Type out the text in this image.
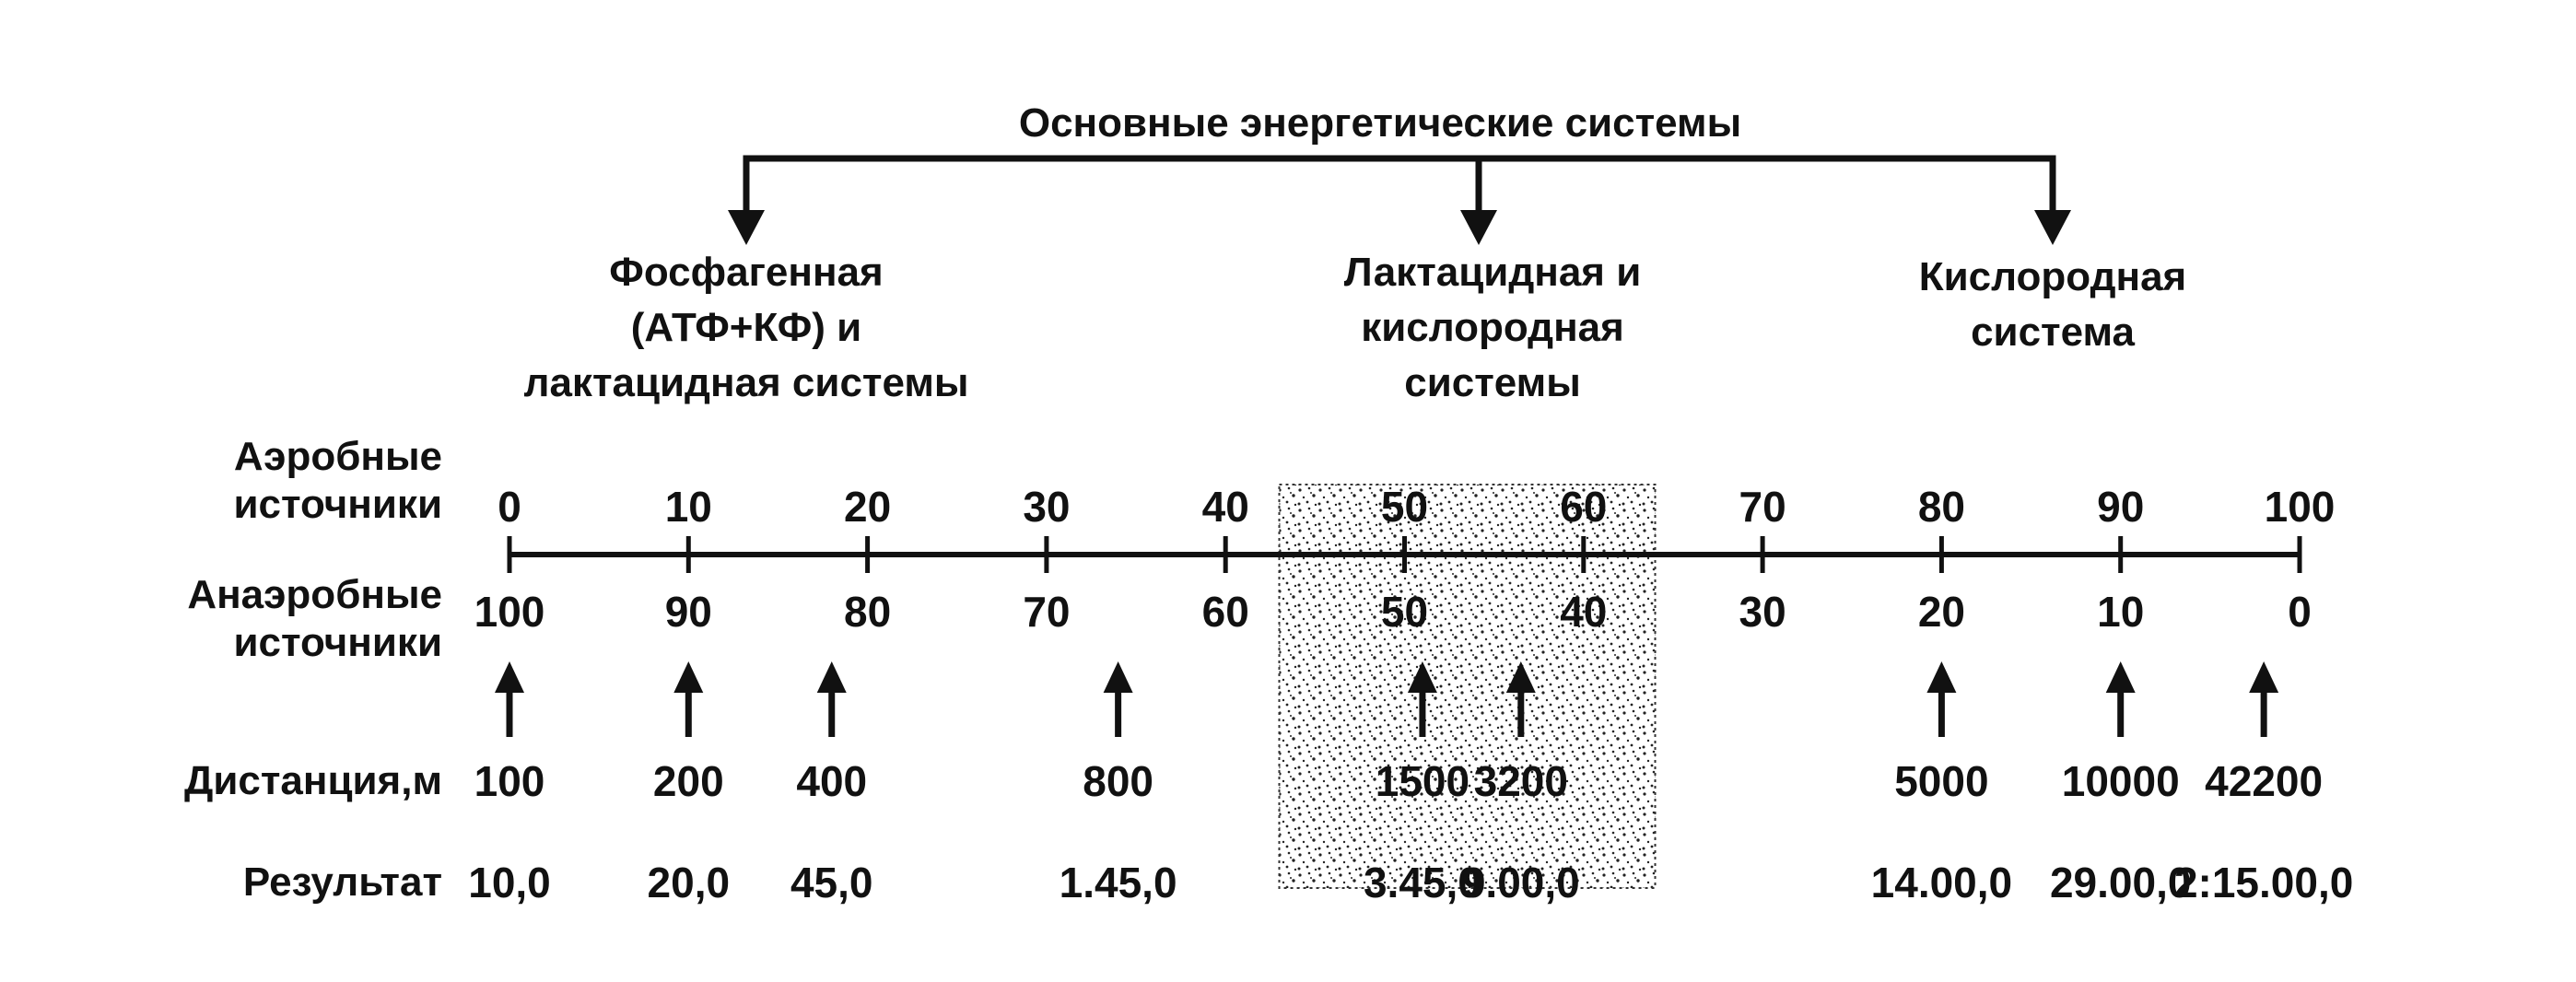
Основные энергетические системы
Фосфагенная
(АТФ+КФ) и
лактацидная системы
Лактацидная и
кислородная
системы
Кислородная
система
Аэробные
источники
Анаэробные
источники
Дистанция,м
Результат
0
100
10
90
20
80
30
70
40
60
50
50
60
40
70
30
80
20
90
10
100
0
100
10,0
200
20,0
400
45,0
800
1.45,0
1500
3.45,0
3200
9.00,0
5000
14.00,0
10000
29.00,0
42200
2:15.00,0
